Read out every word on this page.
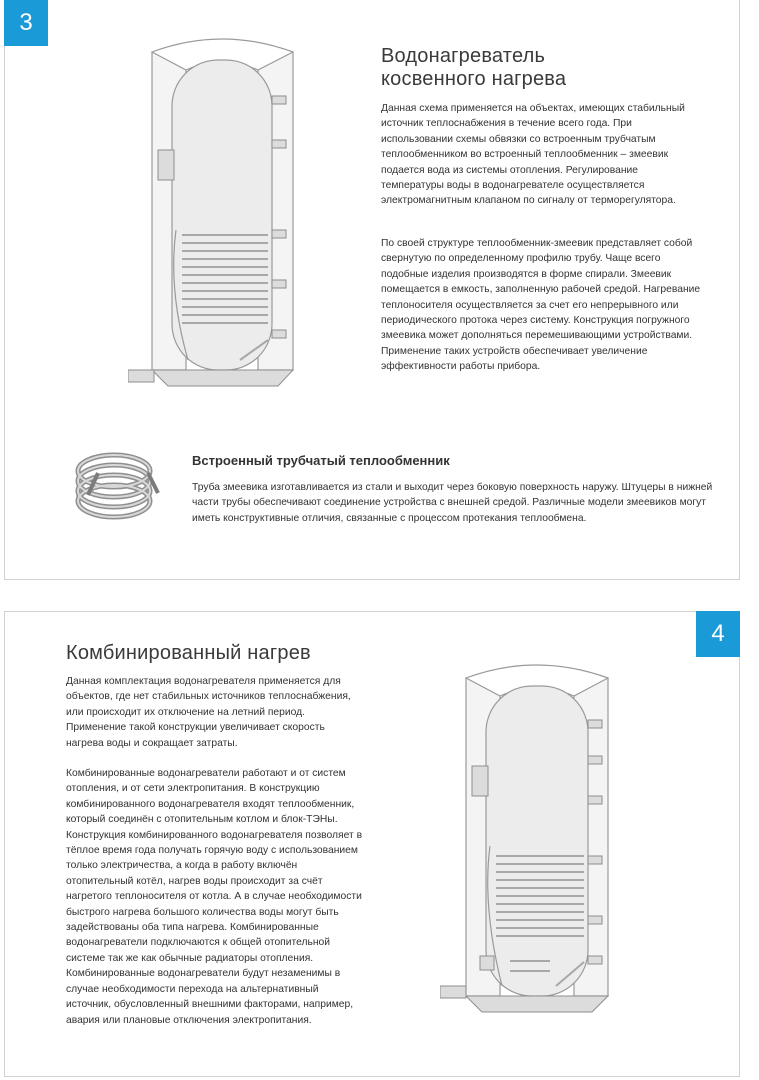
3
Водонагреватель
косвенного нагрева

Данная схема применяется на объектах, имеющих стабильный источник теплоснабжения в течение всего года. При использовании схемы обвязки со встроенным трубчатым теплообменником во встроенный теплообменник – змеевик подается вода из системы отопления. Регулирование температуры воды в водонагревателе осуществляется электромагнитным клапаном по сигналу от терморегулятора.

По своей структуре теплообменник-змеевик представляет собой свернутую по определенному профилю трубу. Чаще всего подобные изделия производятся в форме спирали. Змеевик помещается в емкость, заполненную рабочей средой. Нагревание теплоносителя осуществляется за счет его непрерывного или периодического протока через систему. Конструкция погружного змеевика может дополняться перемешивающими устройствами. Применение таких устройств обеспечивает увеличение эффективности работы прибора.

Встроенный трубчатый теплообменник

Труба змеевика изготавливается из стали и выходит через боковую поверхность наружу. Штуцеры в нижней части трубы обеспечивают соединение устройства с внешней средой. Различные модели змеевиков могут иметь конструктивные отличия, связанные с процессом протекания теплообмена.

4
Комбинированный нагрев

Данная комплектация водонагревателя применяется для объектов, где нет стабильных источников теплоснабжения, или происходит их отключение на летний период. Применение такой конструкции увеличивает скорость нагрева воды и сокращает затраты.

Комбинированные водонагреватели работают и от систем отопления, и от сети электропитания. В конструкцию комбинированного водонагревателя входят теплообменник, который соединён с отопительным котлом и блок-ТЭНы. Конструкция комбинированного водонагревателя позволяет в тёплое время года получать горячую воду с использованием только электричества, а когда в работу включён отопительный котёл, нагрев воды происходит за счёт нагретого теплоносителя от котла. А в случае необходимости быстрого нагрева большого количества воды могут быть задействованы оба типа нагрева. Комбинированные водонагреватели подключаются к общей отопительной системе так же как обычные радиаторы отопления. Комбинированные водонагреватели будут незаменимы в случае необходимости перехода на альтернативный источник, обусловленный внешними факторами, например, авария или плановые отключения электропитания.
